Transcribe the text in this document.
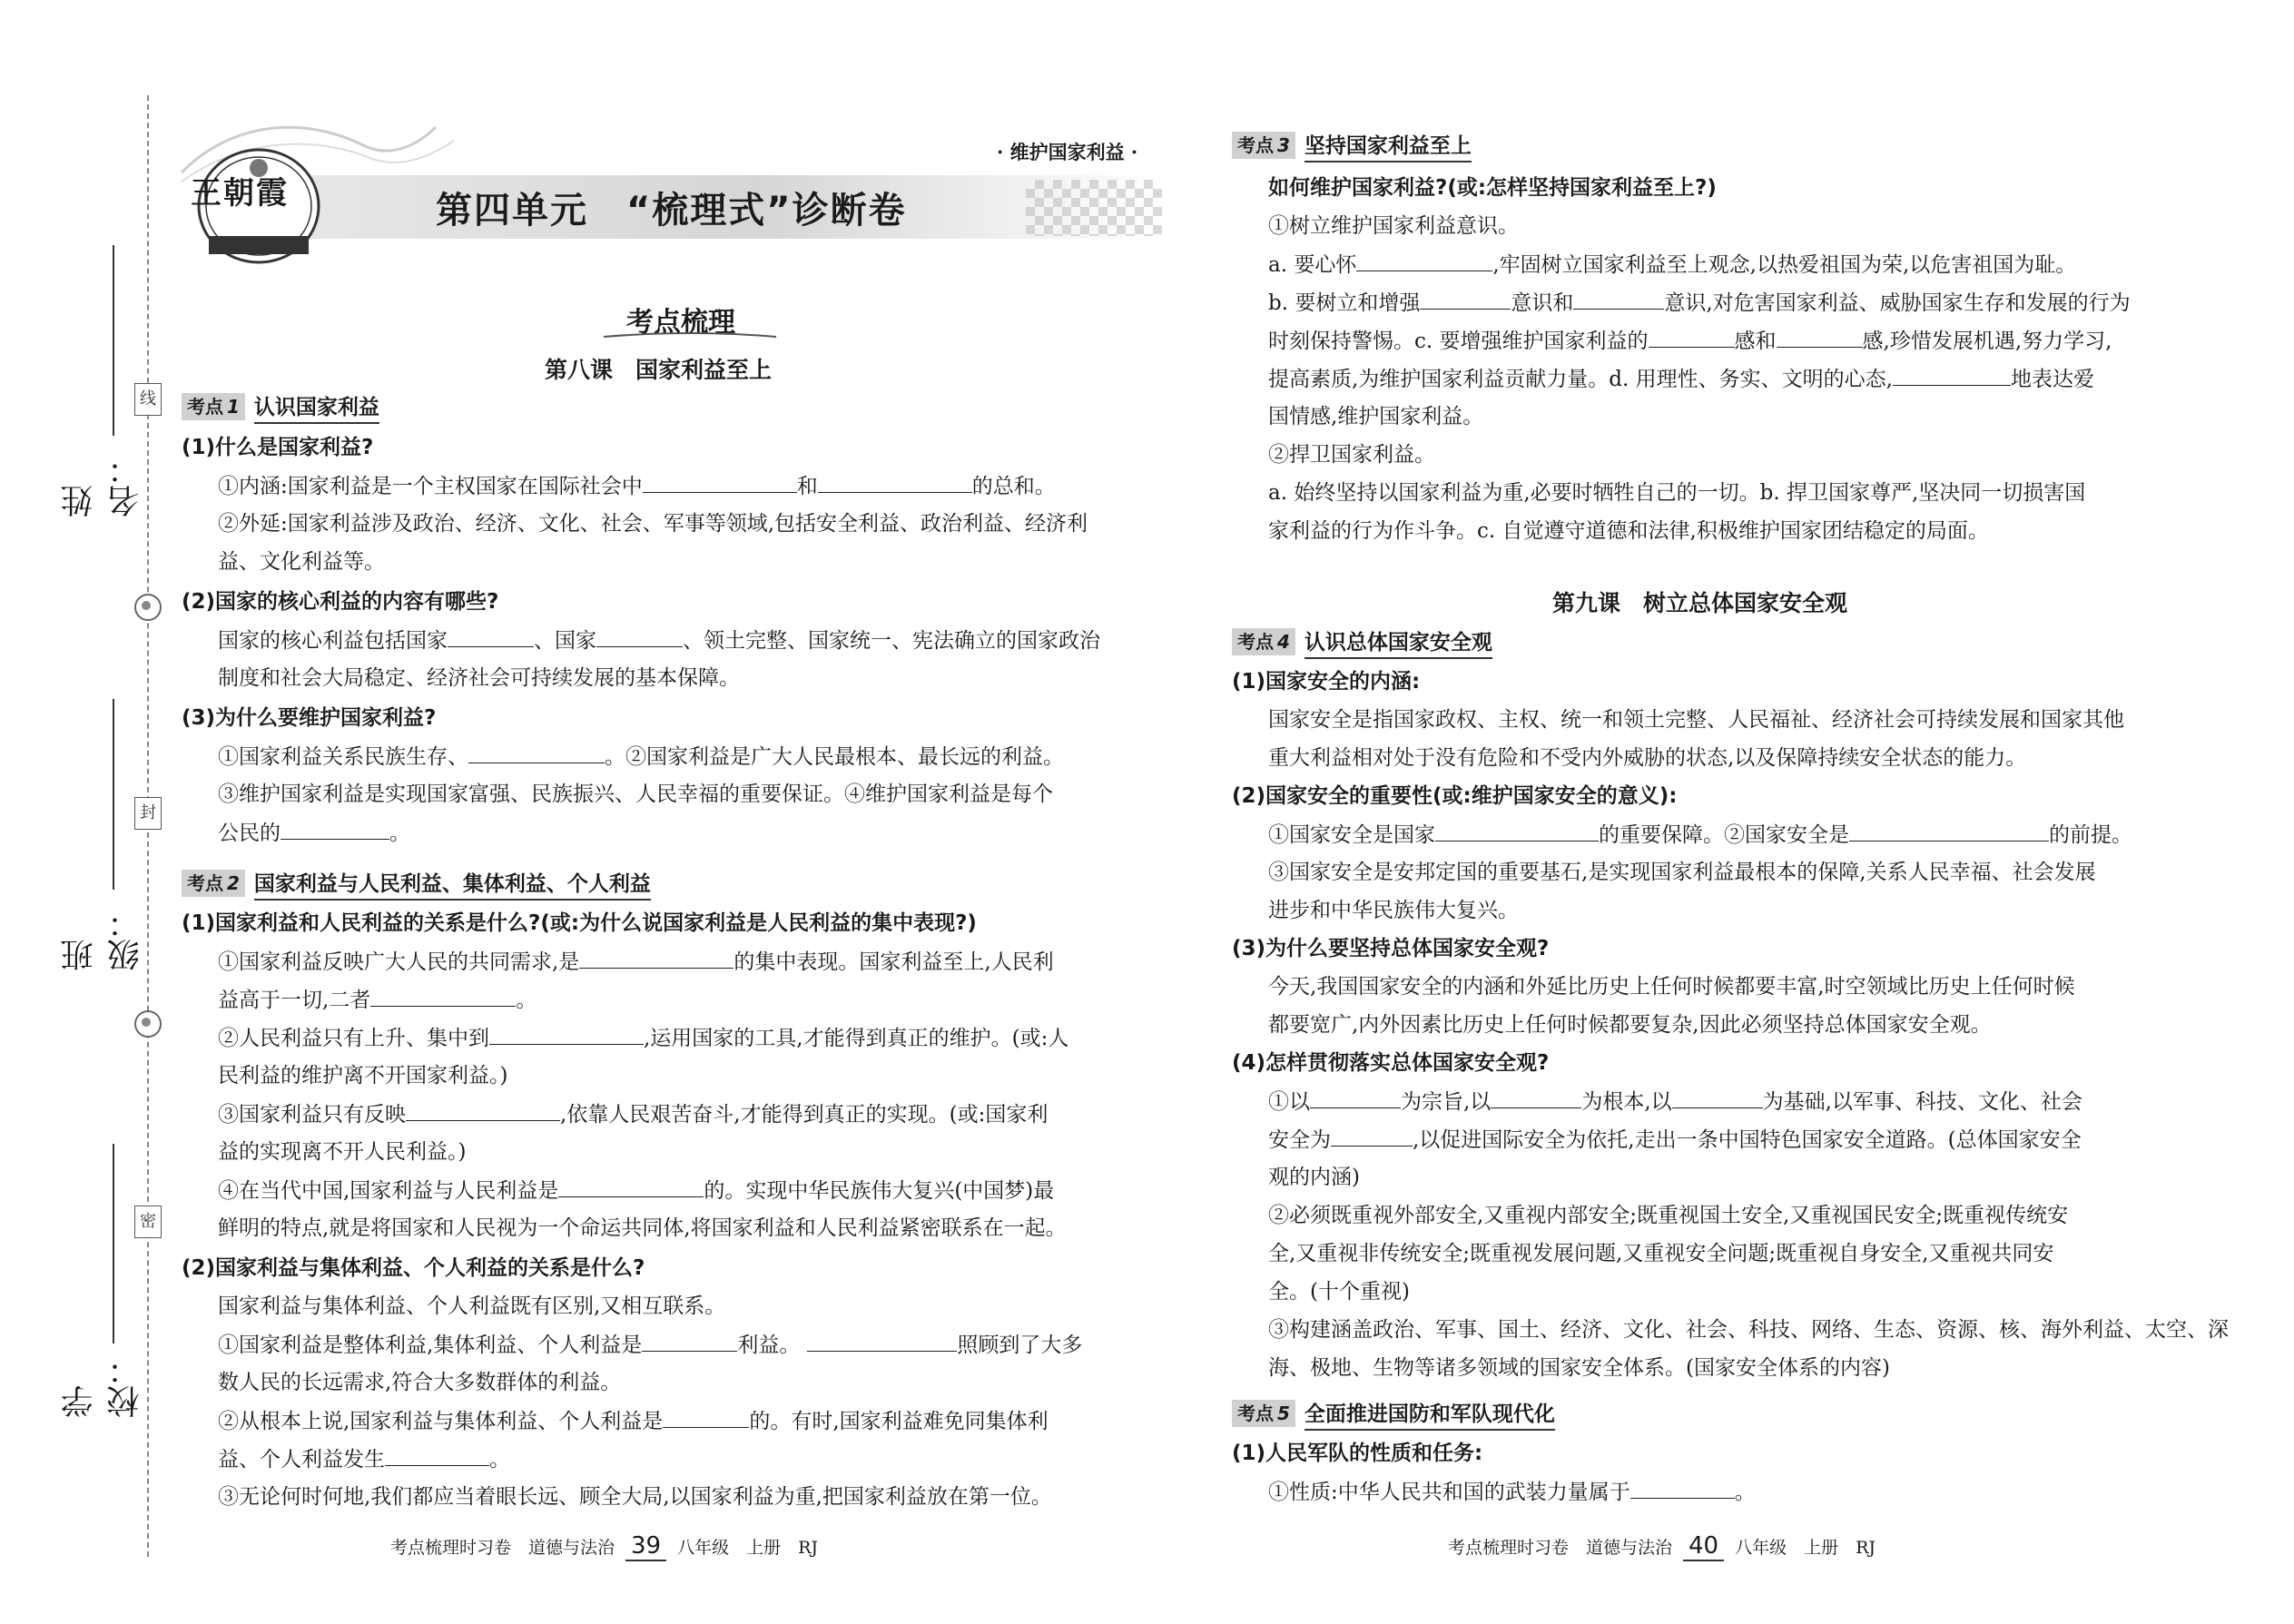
姓名：
班级：
学校：
线
封
密
王朝霞	第四单元　“梳理式”诊断卷
· 维护国家利益 ·
考点梳理
第八课　国家利益至上
考点 1 认识国家利益
(1)什么是国家利益?
①内涵:国家利益是一个主权国家在国际社会中	和	的总和。
②外延:国家利益涉及政治、经济、文化、社会、军事等领域,包括安全利益、政治利益、经济利
益、文化利益等。
(2)国家的核心利益的内容有哪些?
国家的核心利益包括国家	、国家	、领土完整、国家统一、宪法确立的国家政治
制度和社会大局稳定、经济社会可持续发展的基本保障。
(3)为什么要维护国家利益?
①国家利益关系民族生存、	。②国家利益是广大人民最根本、最长远的利益。
③维护国家利益是实现国家富强、民族振兴、人民幸福的重要保证。④维护国家利益是每个
公民的	。
考点 2 国家利益与人民利益、集体利益、个人利益
(1)国家利益和人民利益的关系是什么?(或:为什么说国家利益是人民利益的集中表现?)
①国家利益反映广大人民的共同需求,是	的集中表现。国家利益至上,人民利
益高于一切,二者	。
②人民利益只有上升、集中到	,运用国家的工具,才能得到真正的维护。(或:人
民利益的维护离不开国家利益。)
③国家利益只有反映	,依靠人民艰苦奋斗,才能得到真正的实现。(或:国家利
益的实现离不开人民利益。)
④在当代中国,国家利益与人民利益是	的。实现中华民族伟大复兴(中国梦)最
鲜明的特点,就是将国家和人民视为一个命运共同体,将国家利益和人民利益紧密联系在一起。
(2)国家利益与集体利益、个人利益的关系是什么?
国家利益与集体利益、个人利益既有区别,又相互联系。
①国家利益是整体利益,集体利益、个人利益是	利益。	照顾到了大多
数人民的长远需求,符合大多数群体的利益。
②从根本上说,国家利益与集体利益、个人利益是	的。有时,国家利益难免同集体利
益、个人利益发生	。
③无论何时何地,我们都应当着眼长远、顾全大局,以国家利益为重,把国家利益放在第一位。
考点梳理时习卷　道德与法治 39 八年级　上册　RJ
考点 3 坚持国家利益至上
如何维护国家利益?(或:怎样坚持国家利益至上?)
①树立维护国家利益意识。
a. 要心怀	,牢固树立国家利益至上观念,以热爱祖国为荣,以危害祖国为耻。
b. 要树立和增强	意识和	意识,对危害国家利益、威胁国家生存和发展的行为
时刻保持警惕。c. 要增强维护国家利益的	感和	感,珍惜发展机遇,努力学习,
提高素质,为维护国家利益贡献力量。d. 用理性、务实、文明的心态,	地表达爱
国情感,维护国家利益。
②捍卫国家利益。
a. 始终坚持以国家利益为重,必要时牺牲自己的一切。b. 捍卫国家尊严,坚决同一切损害国
家利益的行为作斗争。c. 自觉遵守道德和法律,积极维护国家团结稳定的局面。
第九课　树立总体国家安全观
考点 4 认识总体国家安全观
(1)国家安全的内涵:
国家安全是指国家政权、主权、统一和领土完整、人民福祉、经济社会可持续发展和国家其他
重大利益相对处于没有危险和不受内外威胁的状态,以及保障持续安全状态的能力。
(2)国家安全的重要性(或:维护国家安全的意义):
①国家安全是国家	的重要保障。②国家安全是	的前提。
③国家安全是安邦定国的重要基石,是实现国家利益最根本的保障,关系人民幸福、社会发展
进步和中华民族伟大复兴。
(3)为什么要坚持总体国家安全观?
今天,我国国家安全的内涵和外延比历史上任何时候都要丰富,时空领域比历史上任何时候
都要宽广,内外因素比历史上任何时候都要复杂,因此必须坚持总体国家安全观。
(4)怎样贯彻落实总体国家安全观?
①以	为宗旨,以	为根本,以	为基础,以军事、科技、文化、社会
安全为	,以促进国际安全为依托,走出一条中国特色国家安全道路。(总体国家安全
观的内涵)
②必须既重视外部安全,又重视内部安全;既重视国土安全,又重视国民安全;既重视传统安
全,又重视非传统安全;既重视发展问题,又重视安全问题;既重视自身安全,又重视共同安
全。(十个重视)
③构建涵盖政治、军事、国土、经济、文化、社会、科技、网络、生态、资源、核、海外利益、太空、深
海、极地、生物等诸多领域的国家安全体系。(国家安全体系的内容)
考点 5 全面推进国防和军队现代化
(1)人民军队的性质和任务:
①性质:中华人民共和国的武装力量属于	。
考点梳理时习卷　道德与法治 40 八年级　上册　RJ
